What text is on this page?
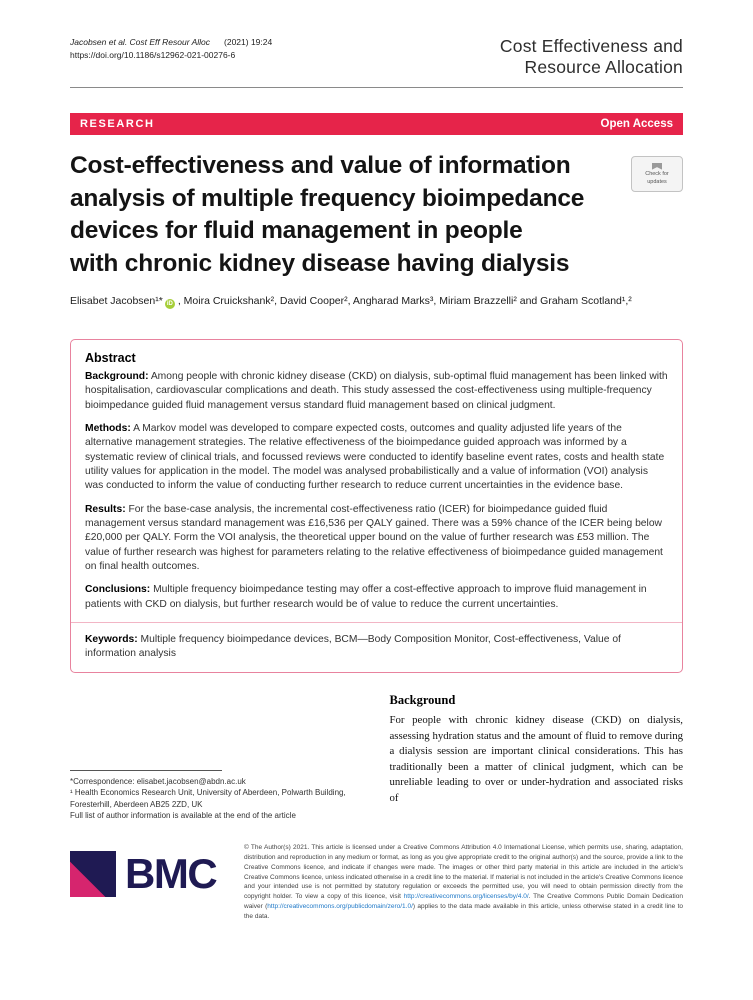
Jacobsen et al. Cost Eff Resour Alloc (2021) 19:24
https://doi.org/10.1186/s12962-021-00276-6	Cost Effectiveness and
Resource Allocation
RESEARCH	Open Access
Cost-effectiveness and value of information
analysis of multiple frequency bioimpedance
devices for fluid management in people
with chronic kidney disease having dialysis
Check for
updates
Elisabet Jacobsen¹* iD , Moira Cruickshank², David Cooper², Angharad Marks³, Miriam Brazzelli² and Graham Scotland¹,²
Abstract

Background: Among people with chronic kidney disease (CKD) on dialysis, sub-optimal fluid management has been linked with hospitalisation, cardiovascular complications and death. This study assessed the cost-effectiveness using multiple-frequency bioimpedance guided fluid management versus standard fluid management based on clinical judgment.

Methods: A Markov model was developed to compare expected costs, outcomes and quality adjusted life years of the alternative management strategies. The relative effectiveness of the bioimpedance guided approach was informed by a systematic review of clinical trials, and focussed reviews were conducted to identify baseline event rates, costs and health state utility values for application in the model. The model was analysed probabilistically and a value of information (VOI) analysis was conducted to inform the value of conducting further research to reduce current uncertainties in the evidence base.

Results: For the base-case analysis, the incremental cost-effectiveness ratio (ICER) for bioimpedance guided fluid management versus standard management was £16,536 per QALY gained. There was a 59% chance of the ICER being below £20,000 per QALY. Form the VOI analysis, the theoretical upper bound on the value of further research was £53 million. The value of further research was highest for parameters relating to the relative effectiveness of bioimpedance guided management on final health outcomes.

Conclusions: Multiple frequency bioimpedance testing may offer a cost-effective approach to improve fluid management in patients with CKD on dialysis, but further research would be of value to reduce the current uncertainties.

Keywords: Multiple frequency bioimpedance devices, BCM—Body Composition Monitor, Cost-effectiveness, Value of information analysis

*Correspondence: elisabet.jacobsen@abdn.ac.uk
¹ Health Economics Research Unit, University of Aberdeen, Polwarth Building, Foresterhill, Aberdeen AB25 2ZD, UK
Full list of author information is available at the end of the article
Background

For people with chronic kidney disease (CKD) on dialysis, assessing hydration status and the amount of fluid to remove during a dialysis session are important clinical considerations. This has traditionally been a matter of clinical judgment, which can be unreliable leading to over or under-hydration and associated risks of

BMC
© The Author(s) 2021. This article is licensed under a Creative Commons Attribution 4.0 International License, which permits use, sharing, adaptation, distribution and reproduction in any medium or format, as long as you give appropriate credit to the original author(s) and the source, provide a link to the Creative Commons licence, and indicate if changes were made. The images or other third party material in this article are included in the article's Creative Commons licence, unless indicated otherwise in a credit line to the material. If material is not included in the article's Creative Commons licence and your intended use is not permitted by statutory regulation or exceeds the permitted use, you will need to obtain permission directly from the copyright holder. To view a copy of this licence, visit http://creativecommons.org/licenses/by/4.0/. The Creative Commons Public Domain Dedication waiver (http://creativecommons.org/publicdomain/zero/1.0/) applies to the data made available in this article, unless otherwise stated in a credit line to the data.
